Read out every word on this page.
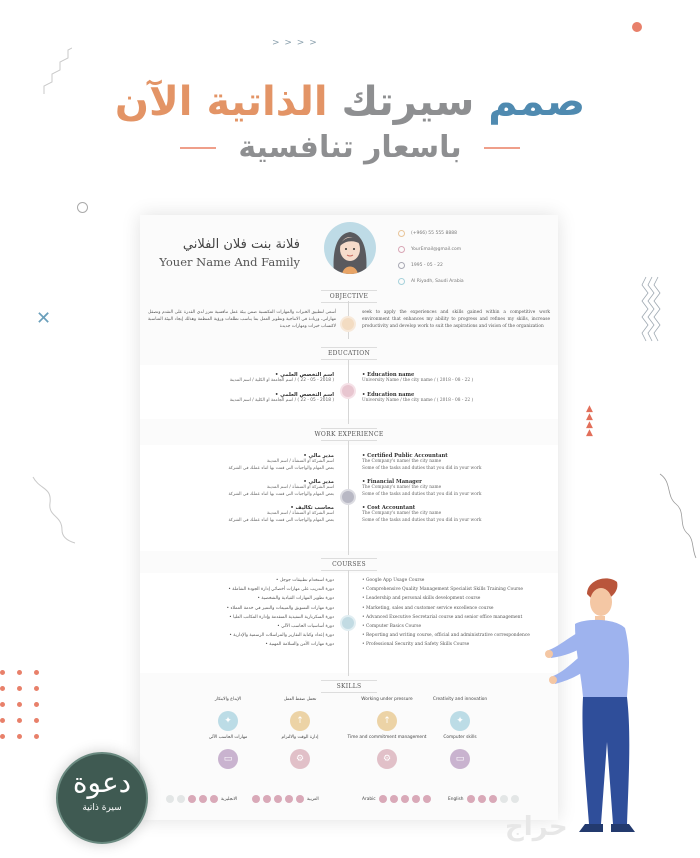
> > > >
✕
▲
▲
▲
▲
صمم سيرتك الذاتية الآن
باسعار تنافسية
فلانة بنت فلان الفلاني
Youer Name And Family
(+966) 55 555 8888
YourEmail@gmail.com
1995 - 05 - 22
Al Riyadh, Saudi Arabia
OBJECTIVE
أسعى لتطبيق الخبرات والمهارات المكتسبة ضمن بيئة عمل تنافسية تعزز لدي القدرة على التقدم وتصقل مهاراتي، وزيادة في الانتاجية وتطوير العمل بما يناسب تطلعات ورؤية المنظمة وهذلك إيجاد البيئة المناسبة لاكتساب خبرات ومهارات جديدة
seek to apply the experiences and skills gained within a competitive work environment that enhances my ability to progress and refines my skills, increase productivity and develop work to suit the aspirations and vision of the organization
EDUCATION
اسم التخصص العلمي •
( 2018 - 05 - 22 ) / اسم الجامعة او الكلية / اسم المدينة
اسم التخصص العلمي •
( 2018 - 05 - 22 ) / اسم الجامعة او الكلية / اسم المدينة
• Education name
University Name / the city name / ( 2018 - 08 - 22 )
• Education name
University Name / the city name / ( 2018 - 08 - 22 )
WORK EXPERIENCE
مدير مالي •
اسم الشركة او المنشأة / اسم المدينة
بعض المهام والواجبات التي قمت بها اثناء عملك في الشركة
مدير مالي •
اسم الشركة او المنشأة / اسم المدينة
بعض المهام والواجبات التي قمت بها اثناء عملك في الشركة
محاسب تكاليف •
اسم الشركة او المنشأة / اسم المدينة
بعض المهام والواجبات التي قمت بها اثناء عملك في الشركة
• Certified Public Accountant
The Company's name/ the city name
Some of the tasks and duties that you did in your work
• Financial Manager
The Company's name/ the city name
Some of the tasks and duties that you did in your work
• Cost Accountant
The Company's name/ the city name
Some of the tasks and duties that you did in your work
COURSES
دورة استخدام تطبيقات جوجل •
دورة التدريب على مهارات أخصائي إدارة الجودة الشاملة •
دورة تطوير المهارات القيادية والشخصية •
دورة مهارات التسويق والمبيعات والتميز في خدمة العملاء •
دورة السكرتارية التنفيذية المتقدمة وإدارة المكاتب العليا •
دورة أساسيات الحاسب الآلي •
دورة إعداد وكتابة التقارير والمراسلات الرسمية والإدارية •
دورة مهارات الأمن والسلامة المهنية •
• Google App Usage Course
• Comprehensive Quality Management Specialist Skills Training Course
• Leadership and personal skills development course
• Marketing, sales and customer service excellence course
• Advanced Executive Secretarial course and senior office management
• Computer Basics Course
• Reporting and writing course, official and administrative correspondence
• Professional Security and Safety Skills Course
SKILLS
الإبداع والابتكار
✦
تحمل ضغط العمل
↑
Working under pressure
↑
Creativity and innovation
✦
مهارات الحاسب الآلي
▭
إدارة الوقت والالتزام
⚙
Time and commitment management
⚙
Computer skills
▭
الانجليزية	العربية	Arabic	English
دعوة
سيرة ذاتية
حراج
